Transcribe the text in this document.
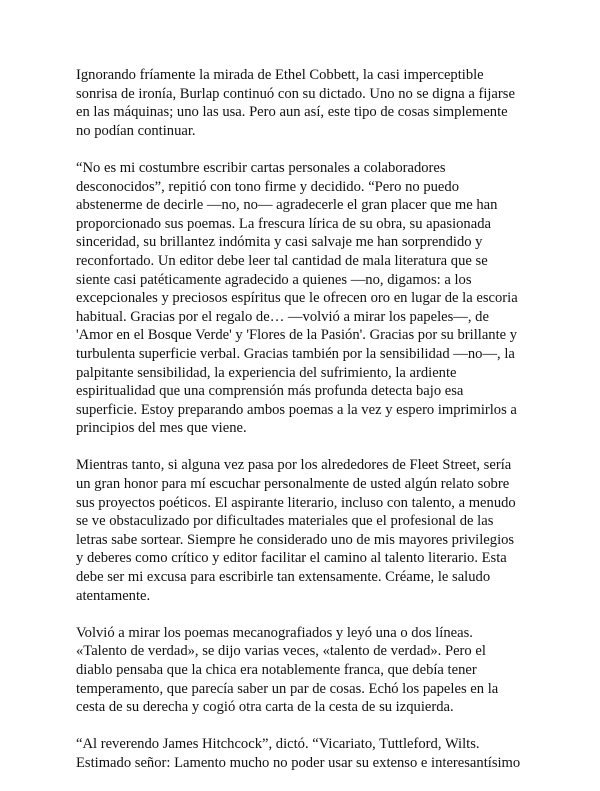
Ignorando fríamente la mirada de Ethel Cobbett, la casi imperceptible
sonrisa de ironía, Burlap continuó con su dictado. Uno no se digna a fijarse
en las máquinas; uno las usa. Pero aun así, este tipo de cosas simplemente
no podían continuar.

“No es mi costumbre escribir cartas personales a colaboradores
desconocidos”, repitió con tono firme y decidido. “Pero no puedo
abstenerme de decirle —no, no— agradecerle el gran placer que me han
proporcionado sus poemas. La frescura lírica de su obra, su apasionada
sinceridad, su brillantez indómita y casi salvaje me han sorprendido y
reconfortado. Un editor debe leer tal cantidad de mala literatura que se
siente casi patéticamente agradecido a quienes —no, digamos: a los
excepcionales y preciosos espíritus que le ofrecen oro en lugar de la escoria
habitual. Gracias por el regalo de… —volvió a mirar los papeles—, de
'Amor en el Bosque Verde' y 'Flores de la Pasión'. Gracias por su brillante y
turbulenta superficie verbal. Gracias también por la sensibilidad —no—, la
palpitante sensibilidad, la experiencia del sufrimiento, la ardiente
espiritualidad que una comprensión más profunda detecta bajo esa
superficie. Estoy preparando ambos poemas a la vez y espero imprimirlos a
principios del mes que viene.

Mientras tanto, si alguna vez pasa por los alrededores de Fleet Street, sería
un gran honor para mí escuchar personalmente de usted algún relato sobre
sus proyectos poéticos. El aspirante literario, incluso con talento, a menudo
se ve obstaculizado por dificultades materiales que el profesional de las
letras sabe sortear. Siempre he considerado uno de mis mayores privilegios
y deberes como crítico y editor facilitar el camino al talento literario. Esta
debe ser mi excusa para escribirle tan extensamente. Créame, le saludo
atentamente.

Volvió a mirar los poemas mecanografiados y leyó una o dos líneas.
«Talento de verdad», se dijo varias veces, «talento de verdad». Pero el
diablo pensaba que la chica era notablemente franca, que debía tener
temperamento, que parecía saber un par de cosas. Echó los papeles en la
cesta de su derecha y cogió otra carta de la cesta de su izquierda.

“Al reverendo James Hitchcock”, dictó. “Vicariato, Tuttleford, Wilts.
Estimado señor: Lamento mucho no poder usar su extenso e interesantísimo
